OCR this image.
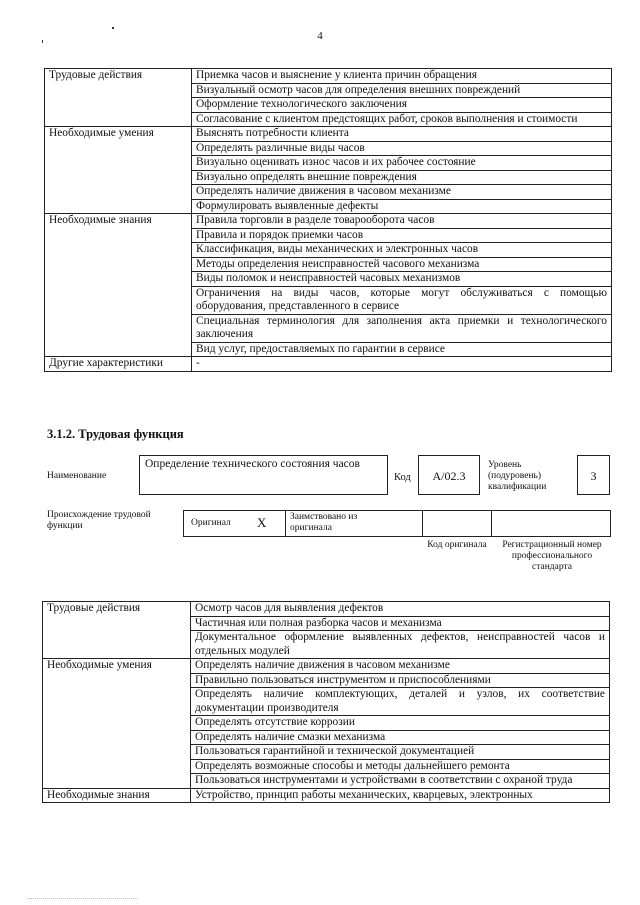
4
Трудовые действия	Приемка часов и выяснение у клиента причин обращения
	Визуальный осмотр часов для определения внешних повреждений
	Оформление технологического заключения
	Согласование с клиентом предстоящих работ, сроков выполнения и стоимости
Необходимые умения	Выяснять потребности клиента
	Определять различные виды часов
	Визуально оценивать износ часов и их рабочее состояние
	Визуально определять внешние повреждения
	Определять наличие движения в часовом механизме
	Формулировать выявленные дефекты
Необходимые знания	Правила торговли в разделе товарооборота часов
	Правила и порядок приемки часов
	Классификация, виды механических и электронных часов
	Методы определения неисправностей часового механизма
	Виды поломок и неисправностей часовых механизмов
	Ограничения на виды часов, которые могут обслуживаться с помощью оборудования, представленного в сервисе
	Специальная терминология для заполнения акта приемки и технологического заключения
	Вид услуг, предоставляемых по гарантии в сервисе
Другие характеристики	-
3.1.2. Трудовая функция
Наименование
Определение технического состояния часов
Код	А/02.3
Уровень (подуровень) квалификации
3
Происхождение трудовой функции	Оригинал X Заимствовано из оригинала
Код оригинала	Регистрационный номер профессионального стандарта
Трудовые действия	Осмотр часов для выявления дефектов
	Частичная или полная разборка часов и механизма
	Документальное оформление выявленных дефектов, неисправностей часов и отдельных модулей
Необходимые умения	Определять наличие движения в часовом механизме
	Правильно пользоваться инструментом и приспособлениями
	Определять наличие комплектующих, деталей и узлов, их соответствие документации производителя
	Определять отсутствие коррозии
	Определять наличие смазки механизма
	Пользоваться гарантийной и технической документацией
	Определять возможные способы и методы дальнейшего ремонта
	Пользоваться инструментами и устройствами в соответствии с охраной труда
Необходимые знания	Устройство, принцип работы механических, кварцевых, электронных
